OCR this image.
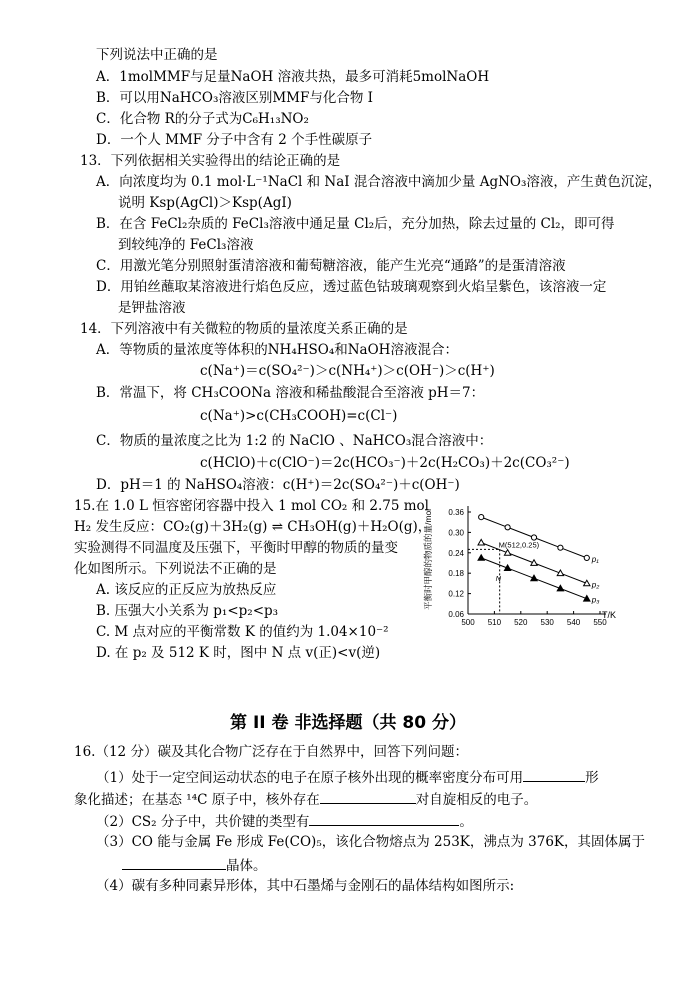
下列说法中正确的是
A．1molMMF与足量NaOH 溶液共热，最多可消耗5molNaOH
B．可以用NaHCO₃溶液区别MMF与化合物 I
C．化合物 R的分子式为C₆H₁₃NO₂
D．一个人 MMF 分子中含有 2 个手性碳原子
13．下列依据相关实验得出的结论正确的是
A．向浓度均为 0.1 mol·L⁻¹NaCl 和 NaI 混合溶液中滴加少量 AgNO₃溶液，产生黄色沉淀，
说明 Ksp(AgCl)＞Ksp(AgI)
B．在含 FeCl₂杂质的 FeCl₃溶液中通足量 Cl₂后，充分加热，除去过量的 Cl₂，即可得
到较纯净的 FeCl₃溶液
C．用激光笔分别照射蛋清溶液和葡萄糖溶液，能产生光亮“通路”的是蛋清溶液
D．用铂丝蘸取某溶液进行焰色反应，透过蓝色钴玻璃观察到火焰呈紫色，该溶液一定
是钾盐溶液
14．下列溶液中有关微粒的物质的量浓度关系正确的是
A．等物质的量浓度等体积的NH₄HSO₄和NaOH溶液混合：
c(Na⁺)＝c(SO₄²⁻)＞c(NH₄⁺)＞c(OH⁻)＞c(H⁺)
B．常温下，将 CH₃COONa 溶液和稀盐酸混合至溶液 pH＝7：
c(Na⁺)>c(CH₃COOH)=c(Cl⁻)
C．物质的量浓度之比为 1:2 的 NaClO 、NaHCO₃混合溶液中：
c(HClO)＋c(ClO⁻)＝2c(HCO₃⁻)＋2c(H₂CO₃)＋2c(CO₃²⁻)
D．pH＝1 的 NaHSO₄溶液：c(H⁺)＝2c(SO₄²⁻)＋c(OH⁻)
15.在 1.0 L 恒容密闭容器中投入 1 mol CO₂ 和 2.75 mol
H₂ 发生反应：CO₂(g)＋3H₂(g) ⇌ CH₃OH(g)＋H₂O(g)，
实验测得不同温度及压强下，平衡时甲醇的物质的量变
化如图所示。下列说法不正确的是
A. 该反应的正反应为放热反应
B. 压强大小关系为 p₁<p₂<p₃
C. M 点对应的平衡常数 K 的值约为 1.04×10⁻²
D. 在 p₂ 及 512 K 时，图中 N 点 v(正)<v(逆)
500 510 520 530 540 550
0.06
0.12
0.18
0.24
0.30
0.36
p₁
p₂
p₃
M(512,0.25)
N
平衡时甲醇的物质的量/mol
T/K
第 II 卷 非选择题（共 80 分）
16.（12 分）碳及其化合物广泛存在于自然界中，回答下列问题：
（1）处于一定空间运动状态的电子在原子核外出现的概率密度分布可用	形
象化描述；在基态 ¹⁴C 原子中，核外存在	对自旋相反的电子。
（2）CS₂ 分子中，共价键的类型有	。
（3）CO 能与金属 Fe 形成 Fe(CO)₅，该化合物熔点为 253K，沸点为 376K，其固体属于
晶体。
（4）碳有多种同素异形体，其中石墨烯与金刚石的晶体结构如图所示:
